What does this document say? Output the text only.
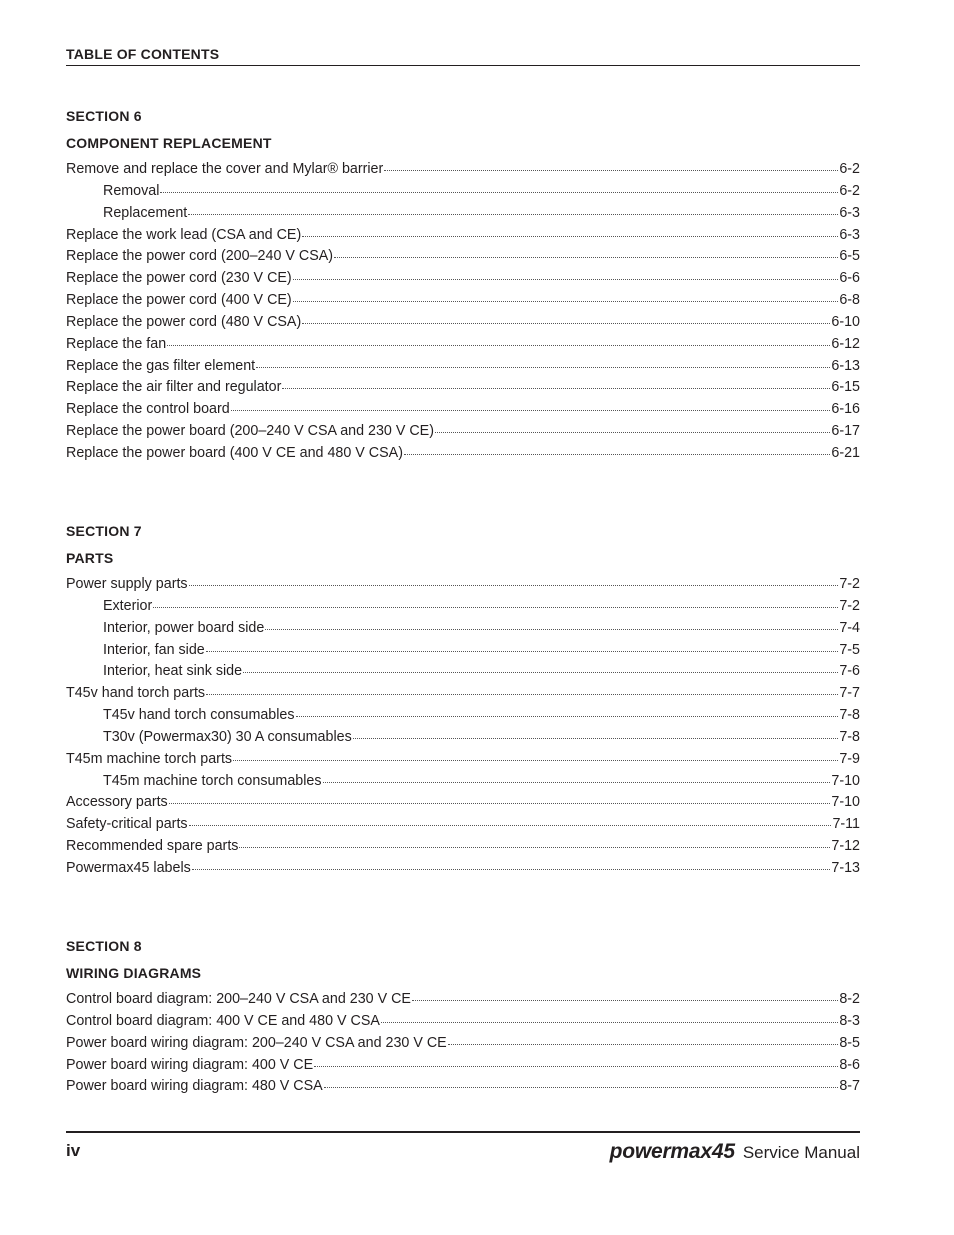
TABLE OF CONTENTS
SECTION 6
COMPONENT REPLACEMENT
Remove and replace the cover and Mylar® barrier	6-2
Removal	6-2
Replacement	6-3
Replace the work lead (CSA and CE)	6-3
Replace the power cord (200–240 V CSA)	6-5
Replace the power cord (230 V CE)	6-6
Replace the power cord (400 V CE)	6-8
Replace the power cord (480 V CSA)	6-10
Replace the fan	6-12
Replace the gas filter element	6-13
Replace the air filter and regulator	6-15
Replace the control board	6-16
Replace the power board (200–240 V CSA and 230 V CE)	6-17
Replace the power board (400 V CE and 480 V CSA)	6-21
SECTION 7
PARTS
Power supply parts	7-2
Exterior	7-2
Interior, power board side	7-4
Interior, fan side	7-5
Interior, heat sink side	7-6
T45v hand torch parts	7-7
T45v hand torch consumables	7-8
T30v (Powermax30) 30 A consumables	7-8
T45m machine torch parts	7-9
T45m machine torch consumables	7-10
Accessory parts	7-10
Safety-critical parts	7-11
Recommended spare parts	7-12
Powermax45 labels	7-13
SECTION 8
WIRING DIAGRAMS
Control board diagram: 200–240 V CSA and 230 V CE	8-2
Control board diagram: 400 V CE and 480 V CSA	8-3
Power board wiring diagram: 200–240 V CSA and 230 V CE	8-5
Power board wiring diagram: 400 V CE	8-6
Power board wiring diagram: 480 V CSA	8-7
iv	powermax45 Service Manual
